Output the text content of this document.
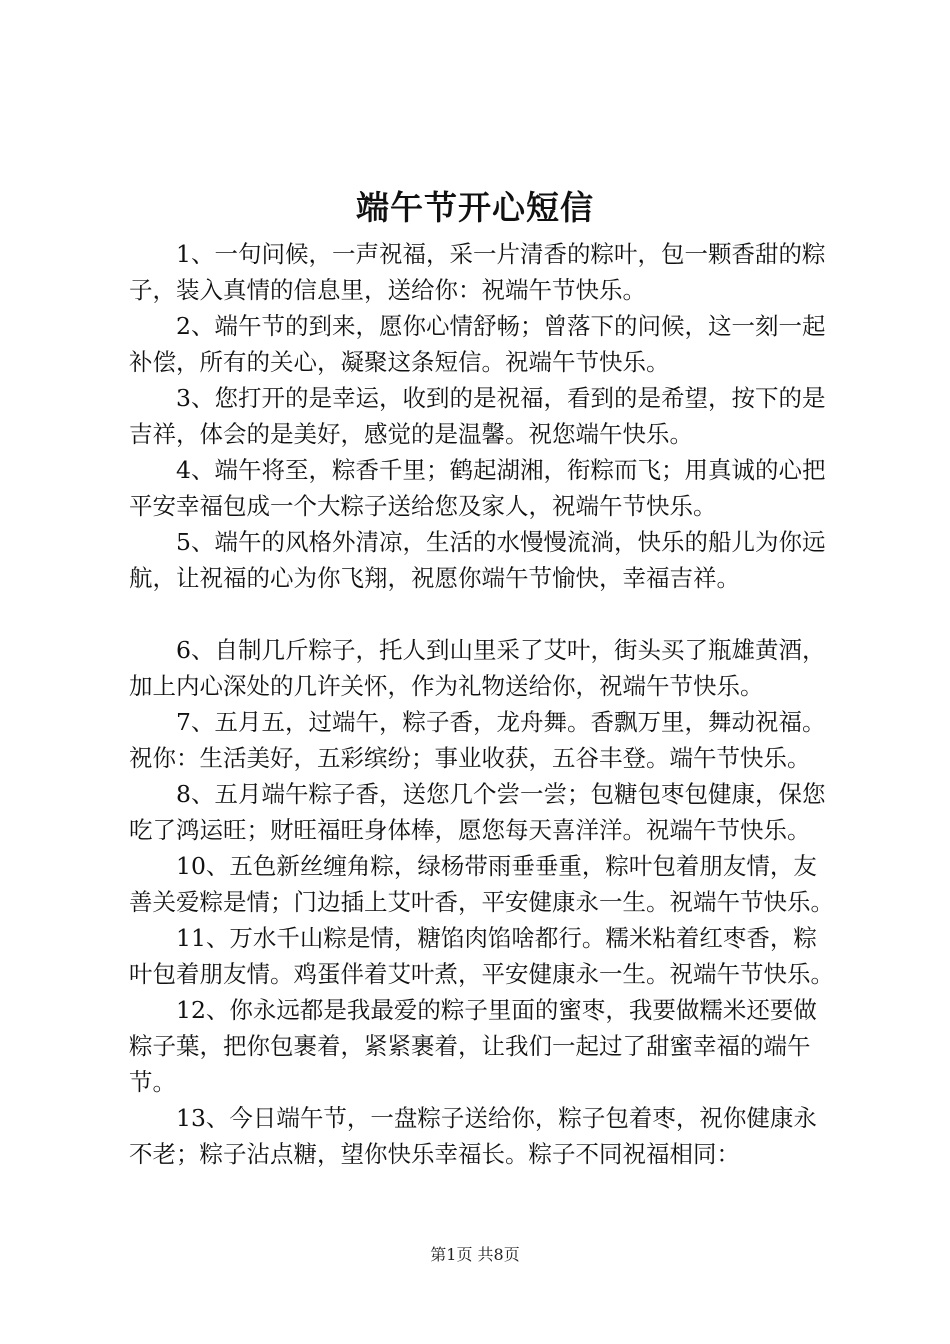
端午节开心短信

1、一句问候，一声祝福，采一片清香的粽叶，包一颗香甜的粽子，装入真情的信息里，送给你：祝端午节快乐。

2、端午节的到来，愿你心情舒畅；曾落下的问候，这一刻一起补偿，所有的关心，凝聚这条短信。祝端午节快乐。

3、您打开的是幸运，收到的是祝福，看到的是希望，按下的是吉祥，体会的是美好，感觉的是温馨。祝您端午快乐。

4、端午将至，粽香千里；鹤起湖湘，衔粽而飞；用真诚的心把平安幸福包成一个大粽子送给您及家人，祝端午节快乐。

5、端午的风格外清凉，生活的水慢慢流淌，快乐的船儿为你远航，让祝福的心为你飞翔，祝愿你端午节愉快，幸福吉祥。

6、自制几斤粽子，托人到山里采了艾叶，街头买了瓶雄黄酒，加上内心深处的几许关怀，作为礼物送给你，祝端午节快乐。

7、五月五，过端午，粽子香，龙舟舞。香飘万里，舞动祝福。祝你：生活美好，五彩缤纷；事业收获，五谷丰登。端午节快乐。

8、五月端午粽子香，送您几个尝一尝；包糖包枣包健康，保您吃了鸿运旺；财旺福旺身体棒，愿您每天喜洋洋。祝端午节快乐。

10、五色新丝缠角粽，绿杨带雨垂垂重，粽叶包着朋友情，友善关爱粽是情；门边插上艾叶香，平安健康永一生。祝端午节快乐。

11、万水千山粽是情，糖馅肉馅啥都行。糯米粘着红枣香，粽叶包着朋友情。鸡蛋伴着艾叶煮，平安健康永一生。祝端午节快乐。

12、你永远都是我最爱的粽子里面的蜜枣，我要做糯米还要做粽子葉，把你包裹着，紧紧裹着，让我们一起过了甜蜜幸福的端午节。

13、今日端午节，一盘粽子送给你，粽子包着枣，祝你健康永不老；粽子沾点糖，望你快乐幸福长。粽子不同祝福相同：

第1页 共8页
